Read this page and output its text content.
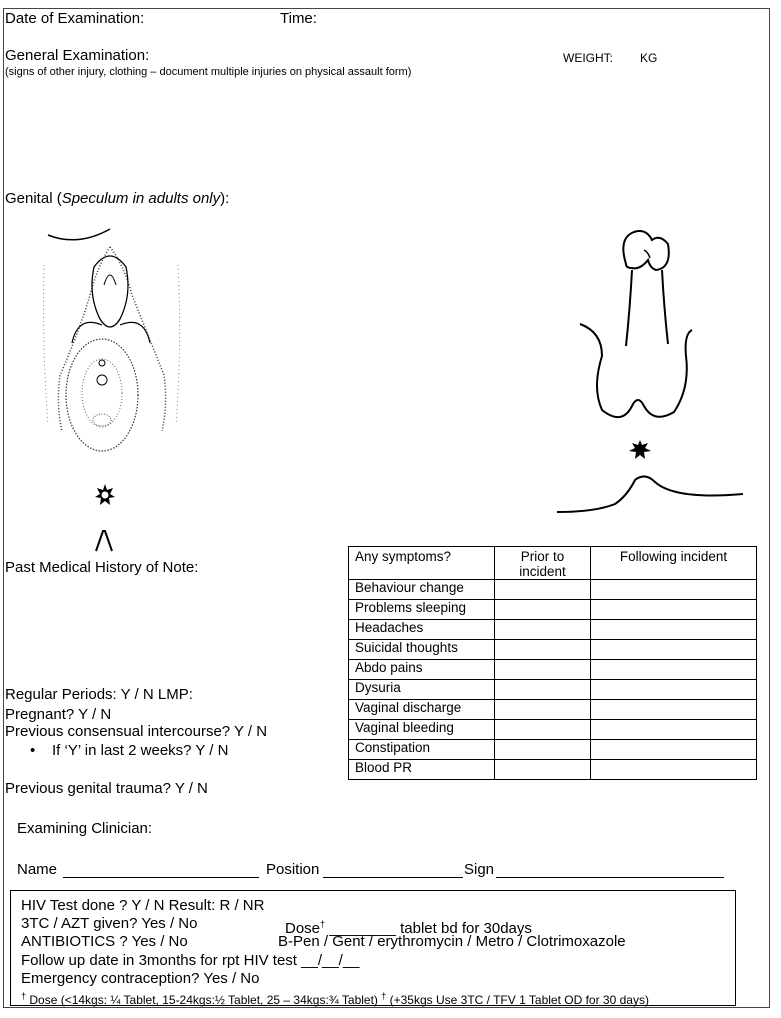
Date of Examination:	Time:
General Examination:
(signs of other injury, clothing – document multiple injuries on physical assault form)
WEIGHT: KG
Genital (Speculum in adults only):
Past Medical History of Note:
Regular Periods: Y / N LMP:
Pregnant? Y / N
Previous consensual intercourse? Y / N
• If ‘Y’ in last 2 weeks? Y / N
Previous genital trauma? Y / N
Any symptoms?	Prior to incident	Following incident
Behaviour change		
Problems sleeping		
Headaches		
Suicidal thoughts		
Abdo pains		
Dysuria		
Vaginal discharge		
Vaginal bleeding		
Constipation		
Blood PR		
Examining Clinician:
Name	Position	Sign
HIV Test done ? Y / N Result: R / NR
3TC / AZT given? Yes / No	Dose† ________ tablet bd for 30days
ANTIBIOTICS ? Yes / No	B-Pen / Gent / erythromycin / Metro / Clotrimoxazole
Follow up date in 3months for rpt HIV test __/__/__
Emergency contraception? Yes / No
† Dose (<14kgs: ¼ Tablet, 15-24kgs:½ Tablet, 25 – 34kgs:¾ Tablet) † (+35kgs Use 3TC / TFV 1 Tablet OD for 30 days)
